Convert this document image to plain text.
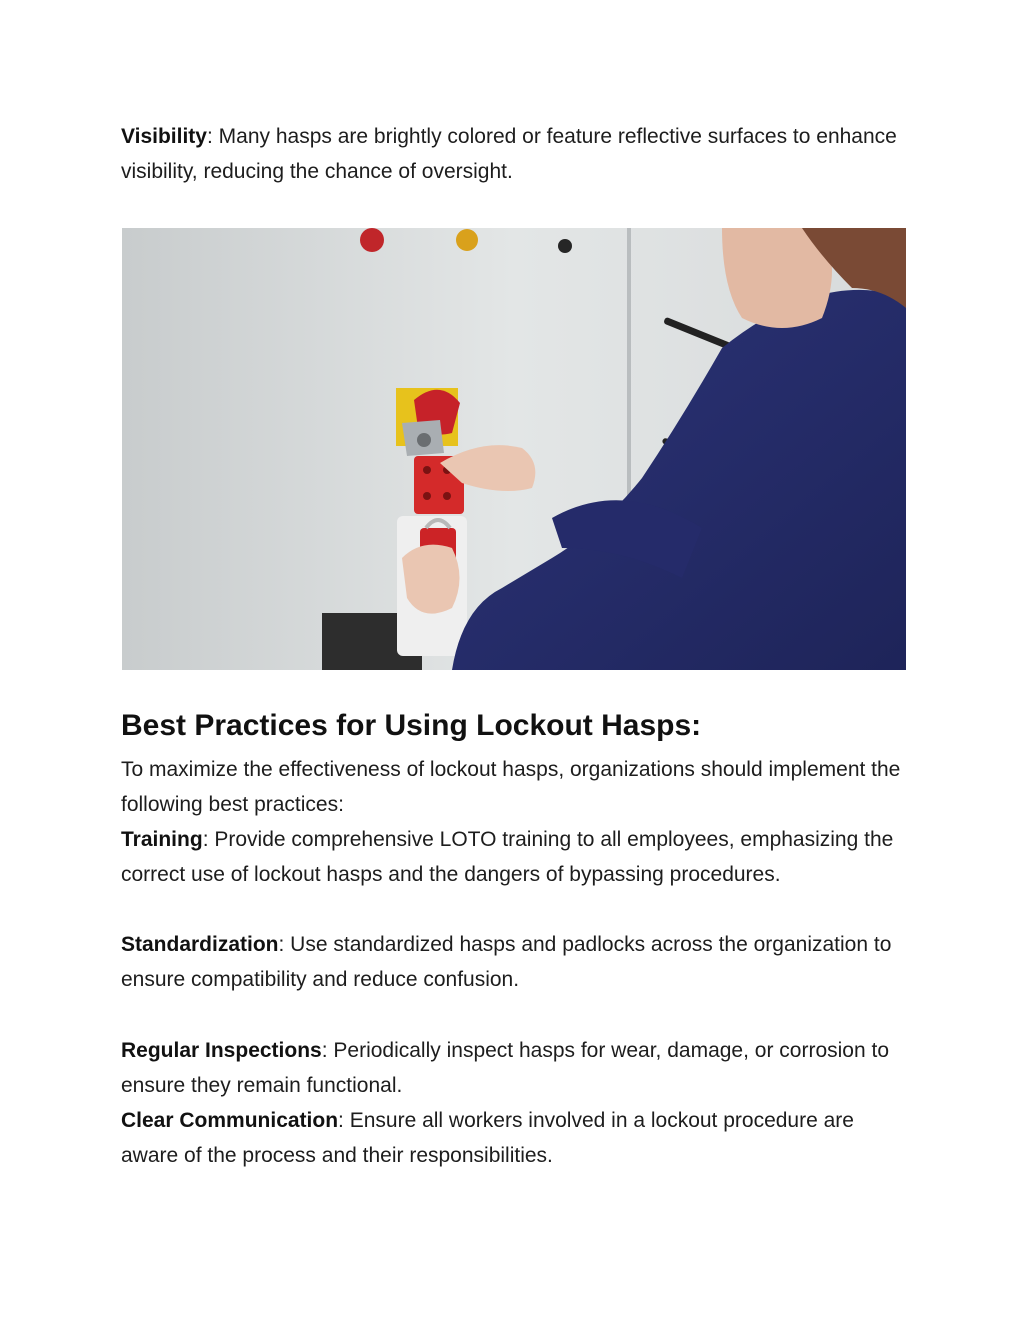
Visibility: Many hasps are brightly colored or feature reflective surfaces to enhance visibility, reducing the chance of oversight.

Best Practices for Using Lockout Hasps:

To maximize the effectiveness of lockout hasps, organizations should implement the following best practices:

Training: Provide comprehensive LOTO training to all employees, emphasizing the correct use of lockout hasps and the dangers of bypassing procedures.

Standardization: Use standardized hasps and padlocks across the organization to ensure compatibility and reduce confusion.

Regular Inspections: Periodically inspect hasps for wear, damage, or corrosion to ensure they remain functional.

Clear Communication: Ensure all workers involved in a lockout procedure are aware of the process and their responsibilities.
